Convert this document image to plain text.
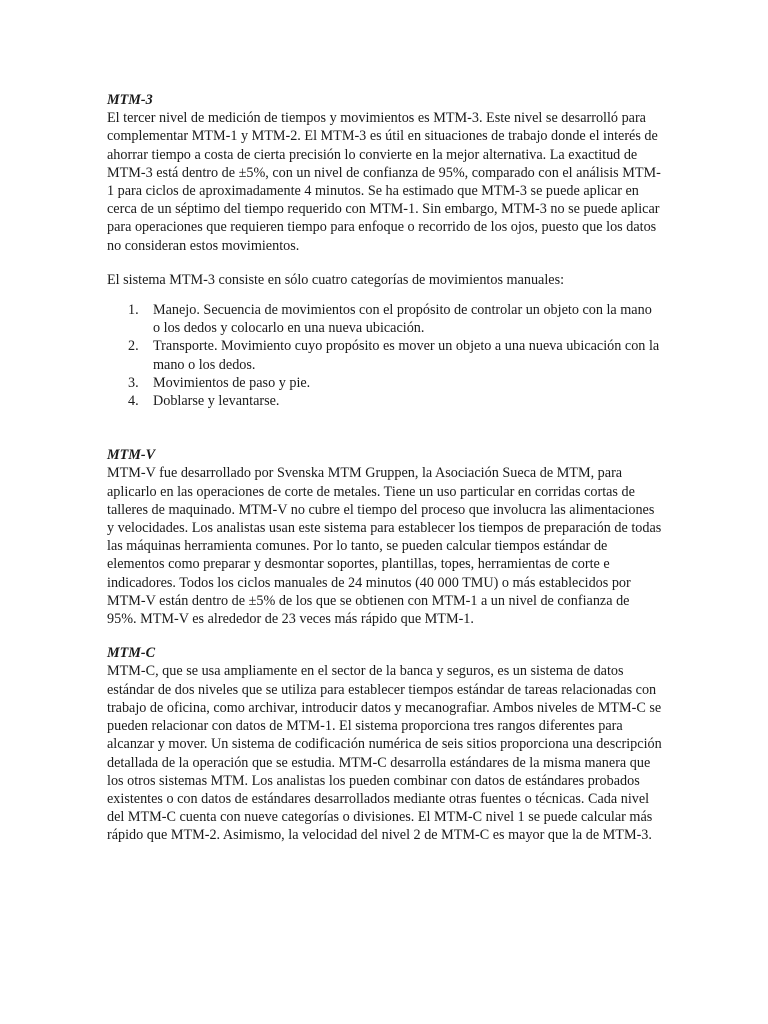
MTM-3

El tercer nivel de medición de tiempos y movimientos es MTM-3. Este nivel se desarrolló para complementar MTM-1 y MTM-2. El MTM-3 es útil en situaciones de trabajo donde el interés de ahorrar tiempo a costa de cierta precisión lo convierte en la mejor alternativa. La exactitud de MTM-3 está dentro de ±5%, con un nivel de confianza de 95%, comparado con el análisis MTM-1 para ciclos de aproximadamente 4 minutos. Se ha estimado que MTM-3 se puede aplicar en cerca de un séptimo del tiempo requerido con MTM-1. Sin embargo, MTM-3 no se puede aplicar para operaciones que requieren tiempo para enfoque o recorrido de los ojos, puesto que los datos no consideran estos movimientos.

El sistema MTM-3 consiste en sólo cuatro categorías de movimientos manuales:

1. Manejo. Secuencia de movimientos con el propósito de controlar un objeto con la mano o los dedos y colocarlo en una nueva ubicación.
2. Transporte. Movimiento cuyo propósito es mover un objeto a una nueva ubicación con la mano o los dedos.
3. Movimientos de paso y pie.
4. Doblarse y levantarse.

MTM-V

MTM-V fue desarrollado por Svenska MTM Gruppen, la Asociación Sueca de MTM, para aplicarlo en las operaciones de corte de metales. Tiene un uso particular en corridas cortas de talleres de maquinado. MTM-V no cubre el tiempo del proceso que involucra las alimentaciones y velocidades. Los analistas usan este sistema para establecer los tiempos de preparación de todas las máquinas herramienta comunes. Por lo tanto, se pueden calcular tiempos estándar de elementos como preparar y desmontar soportes, plantillas, topes, herramientas de corte e indicadores. Todos los ciclos manuales de 24 minutos (40 000 TMU) o más establecidos por MTM-V están dentro de ±5% de los que se obtienen con MTM-1 a un nivel de confianza de 95%. MTM-V es alrededor de 23 veces más rápido que MTM-1.

MTM-C

MTM-C, que se usa ampliamente en el sector de la banca y seguros, es un sistema de datos estándar de dos niveles que se utiliza para establecer tiempos estándar de tareas relacionadas con trabajo de oficina, como archivar, introducir datos y mecanografiar. Ambos niveles de MTM-C se pueden relacionar con datos de MTM-1. El sistema proporciona tres rangos diferentes para alcanzar y mover. Un sistema de codificación numérica de seis sitios proporciona una descripción detallada de la operación que se estudia. MTM-C desarrolla estándares de la misma manera que los otros sistemas MTM. Los analistas los pueden combinar con datos de estándares probados existentes o con datos de estándares desarrollados mediante otras fuentes o técnicas. Cada nivel del MTM-C cuenta con nueve categorías o divisiones. El MTM-C nivel 1 se puede calcular más rápido que MTM-2. Asimismo, la velocidad del nivel 2 de MTM-C es mayor que la de MTM-3.
